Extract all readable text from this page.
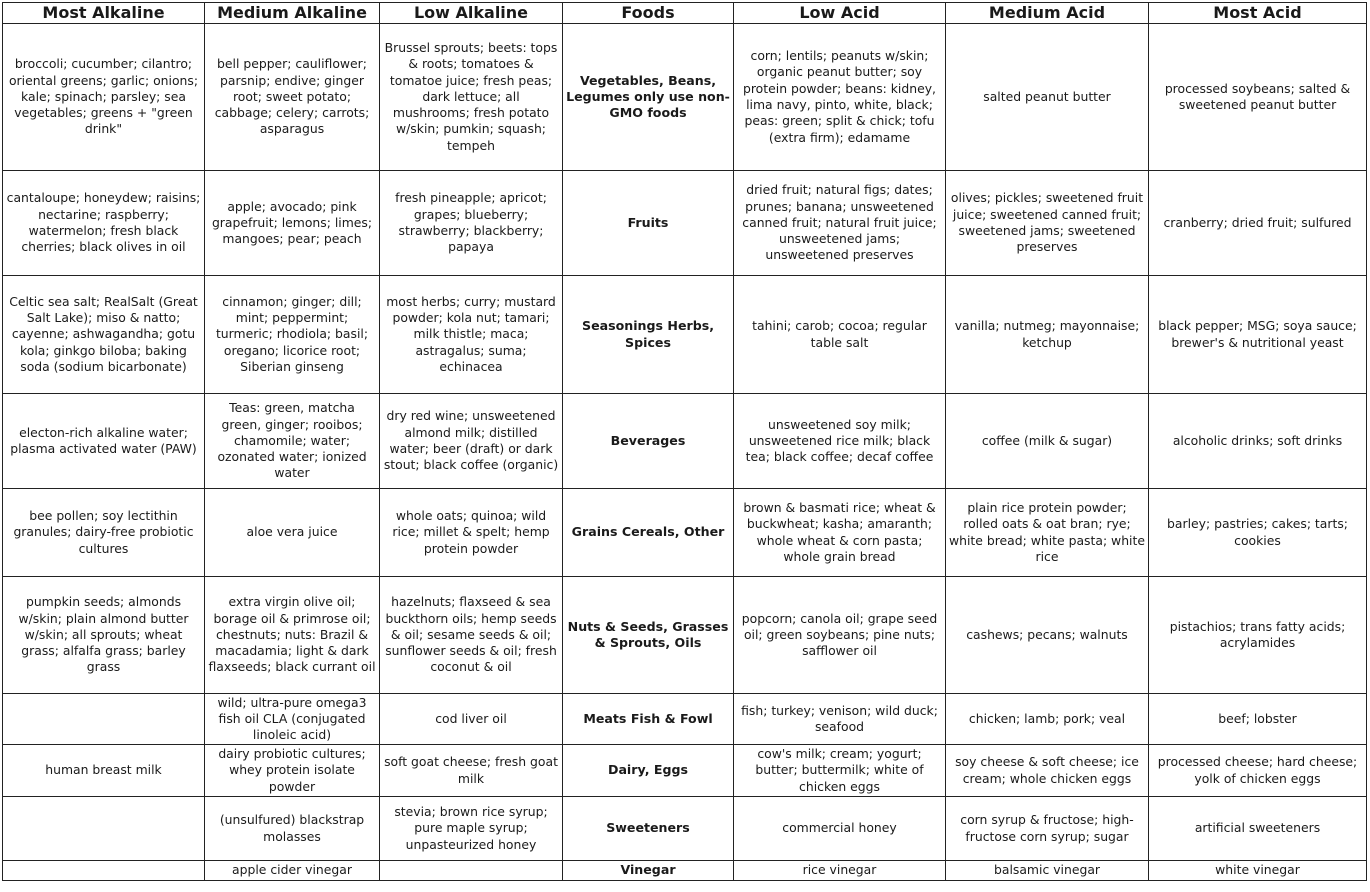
Most Alkaline	Medium Alkaline	Low Alkaline	Foods	Low Acid	Medium Acid	Most Acid
broccoli; cucumber; cilantro; oriental greens; garlic; onions; kale; spinach; parsley; sea vegetables; greens + "green drink"	bell pepper; cauliflower; parsnip; endive; ginger root; sweet potato; cabbage; celery; carrots; asparagus	Brussel sprouts; beets: tops & roots; tomatoes & tomatoe juice; fresh peas; dark lettuce; all mushrooms; fresh potato w/skin; pumkin; squash; tempeh	Vegetables, Beans, Legumes only use non-GMO foods	corn; lentils; peanuts w/skin; organic peanut butter; soy protein powder; beans: kidney, lima navy, pinto, white, black; peas: green; split & chick; tofu (extra firm); edamame	salted peanut butter	processed soybeans; salted & sweetened peanut butter
cantaloupe; honeydew; raisins; nectarine; raspberry; watermelon; fresh black cherries; black olives in oil	apple; avocado; pink grapefruit; lemons; limes; mangoes; pear; peach	fresh pineapple; apricot; grapes; blueberry; strawberry; blackberry; papaya	Fruits	dried fruit; natural figs; dates; prunes; banana; unsweetened canned fruit; natural fruit juice; unsweetened jams; unsweetened preserves	olives; pickles; sweetened fruit juice; sweetened canned fruit; sweetened jams; sweetened preserves	cranberry; dried fruit; sulfured
Celtic sea salt; RealSalt (Great Salt Lake); miso & natto; cayenne; ashwagandha; gotu kola; ginkgo biloba; baking soda (sodium bicarbonate)	cinnamon; ginger; dill; mint; peppermint; turmeric; rhodiola; basil; oregano; licorice root; Siberian ginseng	most herbs; curry; mustard powder; kola nut; tamari; milk thistle; maca; astragalus; suma; echinacea	Seasonings Herbs, Spices	tahini; carob; cocoa; regular table salt	vanilla; nutmeg; mayonnaise; ketchup	black pepper; MSG; soya sauce; brewer's & nutritional yeast
electon-rich alkaline water; plasma activated water (PAW)	Teas: green, matcha green, ginger; rooibos; chamomile; water; ozonated water; ionized water	dry red wine; unsweetened almond milk; distilled water; beer (draft) or dark stout; black coffee (organic)	Beverages	unsweetened soy milk; unsweetened rice milk; black tea; black coffee; decaf coffee	coffee (milk & sugar)	alcoholic drinks; soft drinks
bee pollen; soy lectithin granules; dairy-free probiotic cultures	aloe vera juice	whole oats; quinoa; wild rice; millet & spelt; hemp protein powder	Grains Cereals, Other	brown & basmati rice; wheat & buckwheat; kasha; amaranth; whole wheat & corn pasta; whole grain bread	plain rice protein powder; rolled oats & oat bran; rye; white bread; white pasta; white rice	barley; pastries; cakes; tarts; cookies
pumpkin seeds; almonds w/skin; plain almond butter w/skin; all sprouts; wheat grass; alfalfa grass; barley grass	extra virgin olive oil; borage oil & primrose oil; chestnuts; nuts: Brazil & macadamia; light & dark flaxseeds; black currant oil	hazelnuts; flaxseed & sea buckthorn oils; hemp seeds & oil; sesame seeds & oil; sunflower seeds & oil; fresh coconut & oil	Nuts & Seeds, Grasses & Sprouts, Oils	popcorn; canola oil; grape seed oil; green soybeans; pine nuts; safflower oil	cashews; pecans; walnuts	pistachios; trans fatty acids; acrylamides
	wild; ultra-pure omega3 fish oil CLA (conjugated linoleic acid)	cod liver oil	Meats Fish & Fowl	fish; turkey; venison; wild duck; seafood	chicken; lamb; pork; veal	beef; lobster
human breast milk	dairy probiotic cultures; whey protein isolate powder	soft goat cheese; fresh goat milk	Dairy, Eggs	cow's milk; cream; yogurt; butter; buttermilk; white of chicken eggs	soy cheese & soft cheese; ice cream; whole chicken eggs	processed cheese; hard cheese; yolk of chicken eggs
	(unsulfured) blackstrap molasses	stevia; brown rice syrup; pure maple syrup; unpasteurized honey	Sweeteners	commercial honey	corn syrup & fructose; high-fructose corn syrup; sugar	artificial sweeteners
	apple cider vinegar		Vinegar	rice vinegar	balsamic vinegar	white vinegar
